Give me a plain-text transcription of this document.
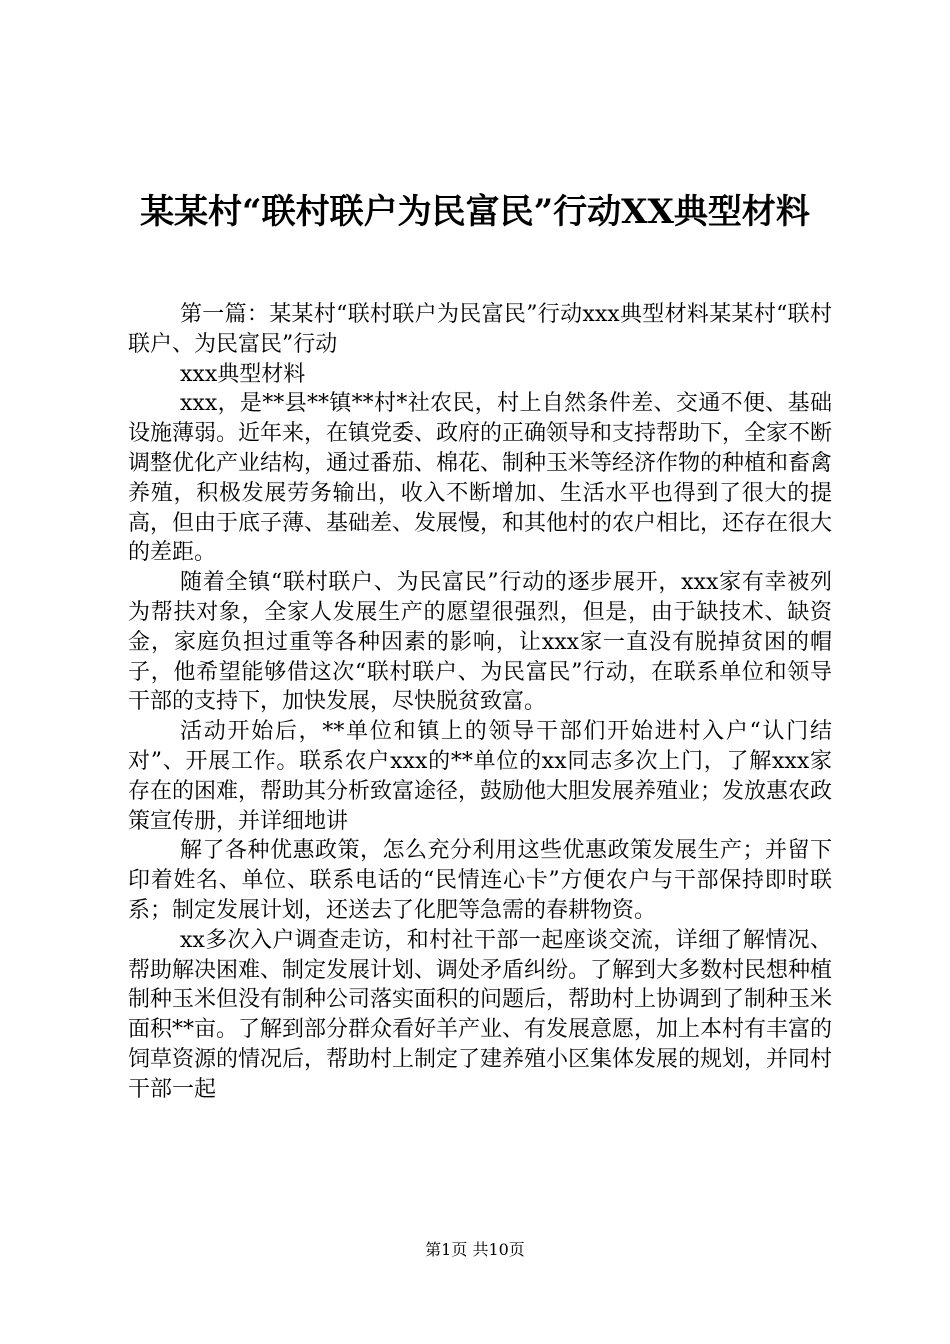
某某村“联村联户为民富民”行动XX典型材料

第一篇：某某村“联村联户为民富民”行动xxx典型材料某某村“联村联户、为民富民”行动

xxx典型材料

xxx，是**县**镇**村*社农民，村上自然条件差、交通不便、基础设施薄弱。近年来，在镇党委、政府的正确领导和支持帮助下，全家不断调整优化产业结构，通过番茄、棉花、制种玉米等经济作物的种植和畜禽养殖，积极发展劳务输出，收入不断增加、生活水平也得到了很大的提高，但由于底子薄、基础差、发展慢，和其他村的农户相比，还存在很大的差距。

随着全镇“联村联户、为民富民”行动的逐步展开，xxx家有幸被列为帮扶对象，全家人发展生产的愿望很强烈，但是，由于缺技术、缺资金，家庭负担过重等各种因素的影响，让xxx家一直没有脱掉贫困的帽子，他希望能够借这次“联村联户、为民富民”行动，在联系单位和领导干部的支持下，加快发展，尽快脱贫致富。

活动开始后，**单位和镇上的领导干部们开始进村入户“认门结对”、开展工作。联系农户xxx的**单位的xx同志多次上门，了解xxx家存在的困难，帮助其分析致富途径，鼓励他大胆发展养殖业；发放惠农政策宣传册，并详细地讲

解了各种优惠政策，怎么充分利用这些优惠政策发展生产；并留下印着姓名、单位、联系电话的“民情连心卡”方便农户与干部保持即时联系；制定发展计划，还送去了化肥等急需的春耕物资。

xx多次入户调查走访，和村社干部一起座谈交流，详细了解情况、帮助解决困难、制定发展计划、调处矛盾纠纷。了解到大多数村民想种植制种玉米但没有制种公司落实面积的问题后，帮助村上协调到了制种玉米面积**亩。了解到部分群众看好羊产业、有发展意愿，加上本村有丰富的饲草资源的情况后，帮助村上制定了建养殖小区集体发展的规划，并同村干部一起

第1页 共10页
